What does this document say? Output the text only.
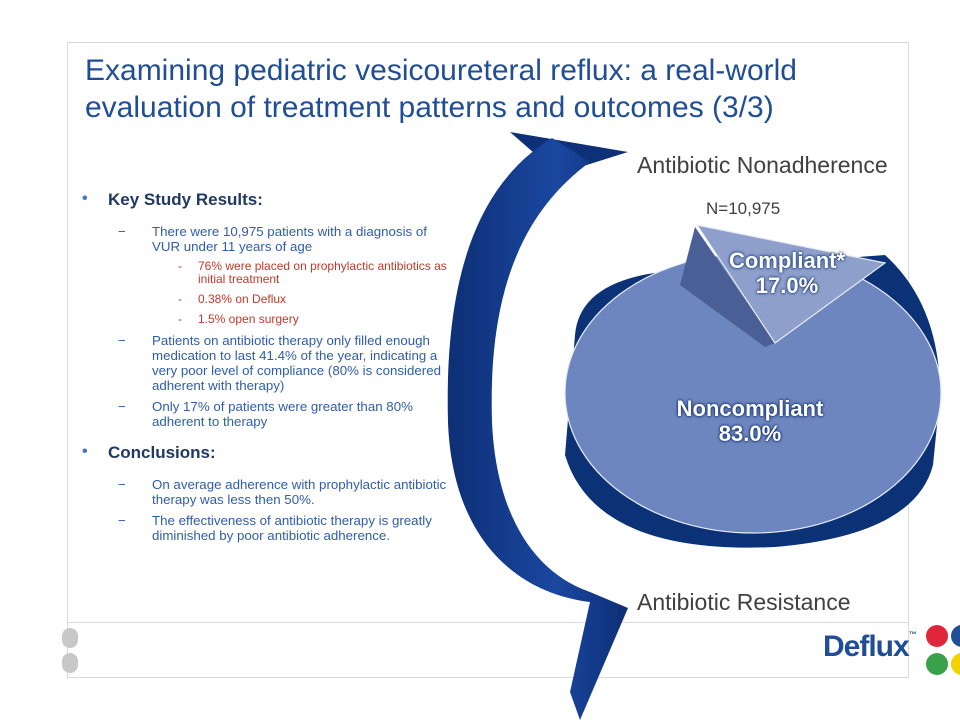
Examining pediatric vesicoureteral reflux: a real-world evaluation of treatment patterns and outcomes (3/3)
Compliant*
17.0%
Noncompliant
83.0%
Antibiotic Nonadherence
N=10,975
Antibiotic Resistance
• Key Study Results:
− There were 10,975 patients with a diagnosis of VUR under 11 years of age
- 76% were placed on prophylactic antibiotics as initial treatment
- 0.38% on Deflux
- 1.5% open surgery
− Patients on antibiotic therapy only filled enough medication to last 41.4% of the year, indicating a very poor level of compliance (80% is considered adherent with therapy)
− Only 17% of patients were greater than 80% adherent to therapy
• Conclusions:
− On average adherence with prophylactic antibiotic therapy was less then 50%.
− The effectiveness of antibiotic therapy is greatly diminished by poor antibiotic adherence.
Deflux™
